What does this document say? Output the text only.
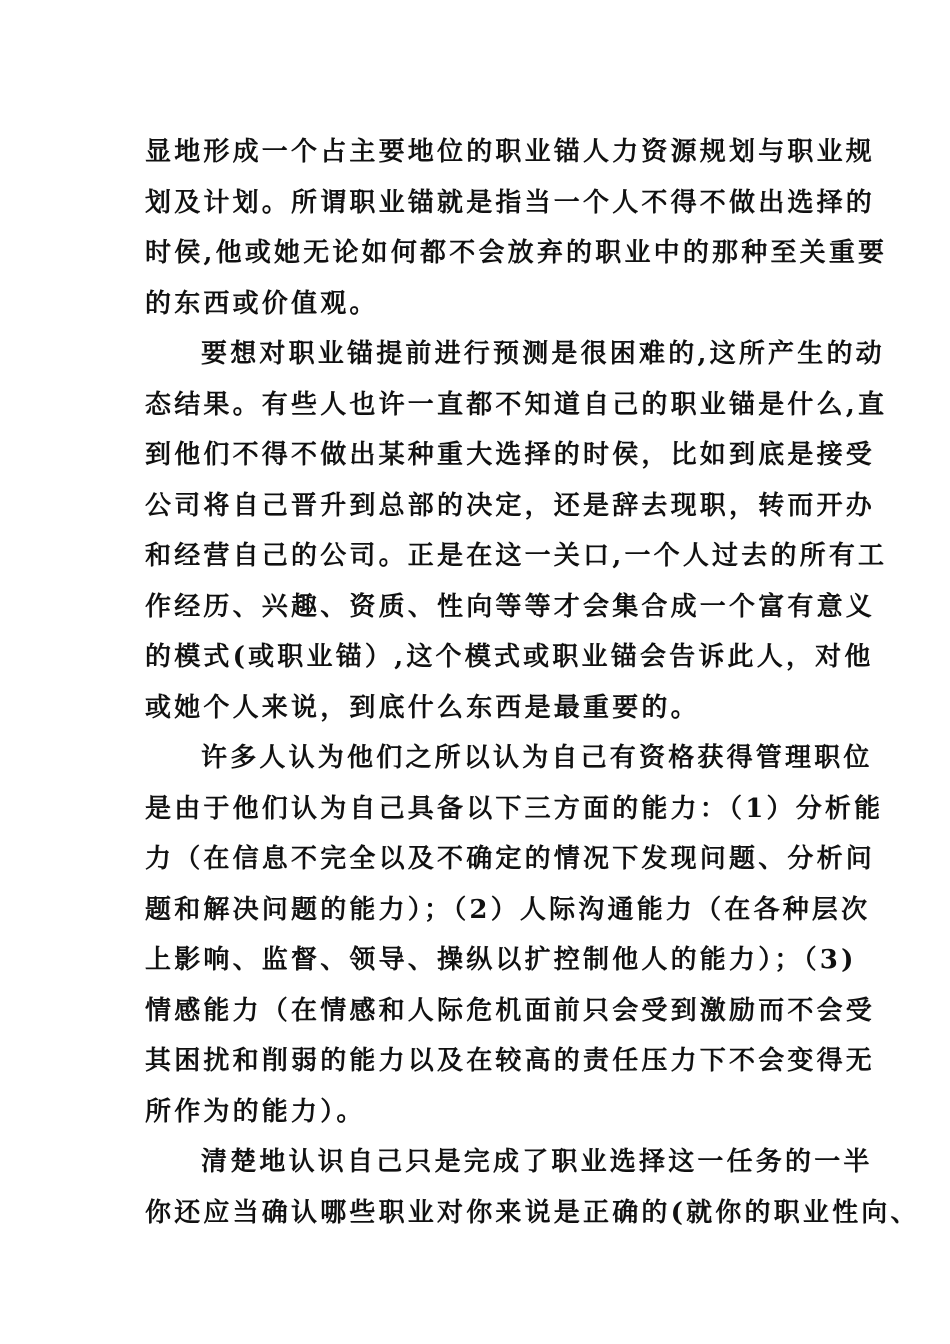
显地形成一个占主要地位的职业锚人力资源规划与职业规
划及计划。所谓职业锚就是指当一个人不得不做出选择的
时侯,他或她无论如何都不会放弃的职业中的那种至关重要
的东西或价值观。
要想对职业锚提前进行预测是很困难的,这所产生的动
态结果。有些人也许一直都不知道自己的职业锚是什么,直
到他们不得不做出某种重大选择的时侯，比如到底是接受
公司将自己晋升到总部的决定，还是辞去现职，转而开办
和经营自己的公司。正是在这一关口,一个人过去的所有工
作经历、兴趣、资质、性向等等才会集合成一个富有意义
的模式(或职业锚）,这个模式或职业锚会告诉此人，对他
或她个人来说，到底什么东西是最重要的。
许多人认为他们之所以认为自己有资格获得管理职位
是由于他们认为自己具备以下三方面的能力：（1）分析能
力（在信息不完全以及不确定的情况下发现问题、分析问
题和解决问题的能力）；（2）人际沟通能力（在各种层次
上影响、监督、领导、操纵以扩控制他人的能力）；（3)
情感能力（在情感和人际危机面前只会受到激励而不会受
其困扰和削弱的能力以及在较高的责任压力下不会变得无
所作为的能力）。
清楚地认识自己只是完成了职业选择这一任务的一半
你还应当确认哪些职业对你来说是正确的(就你的职业性向、
